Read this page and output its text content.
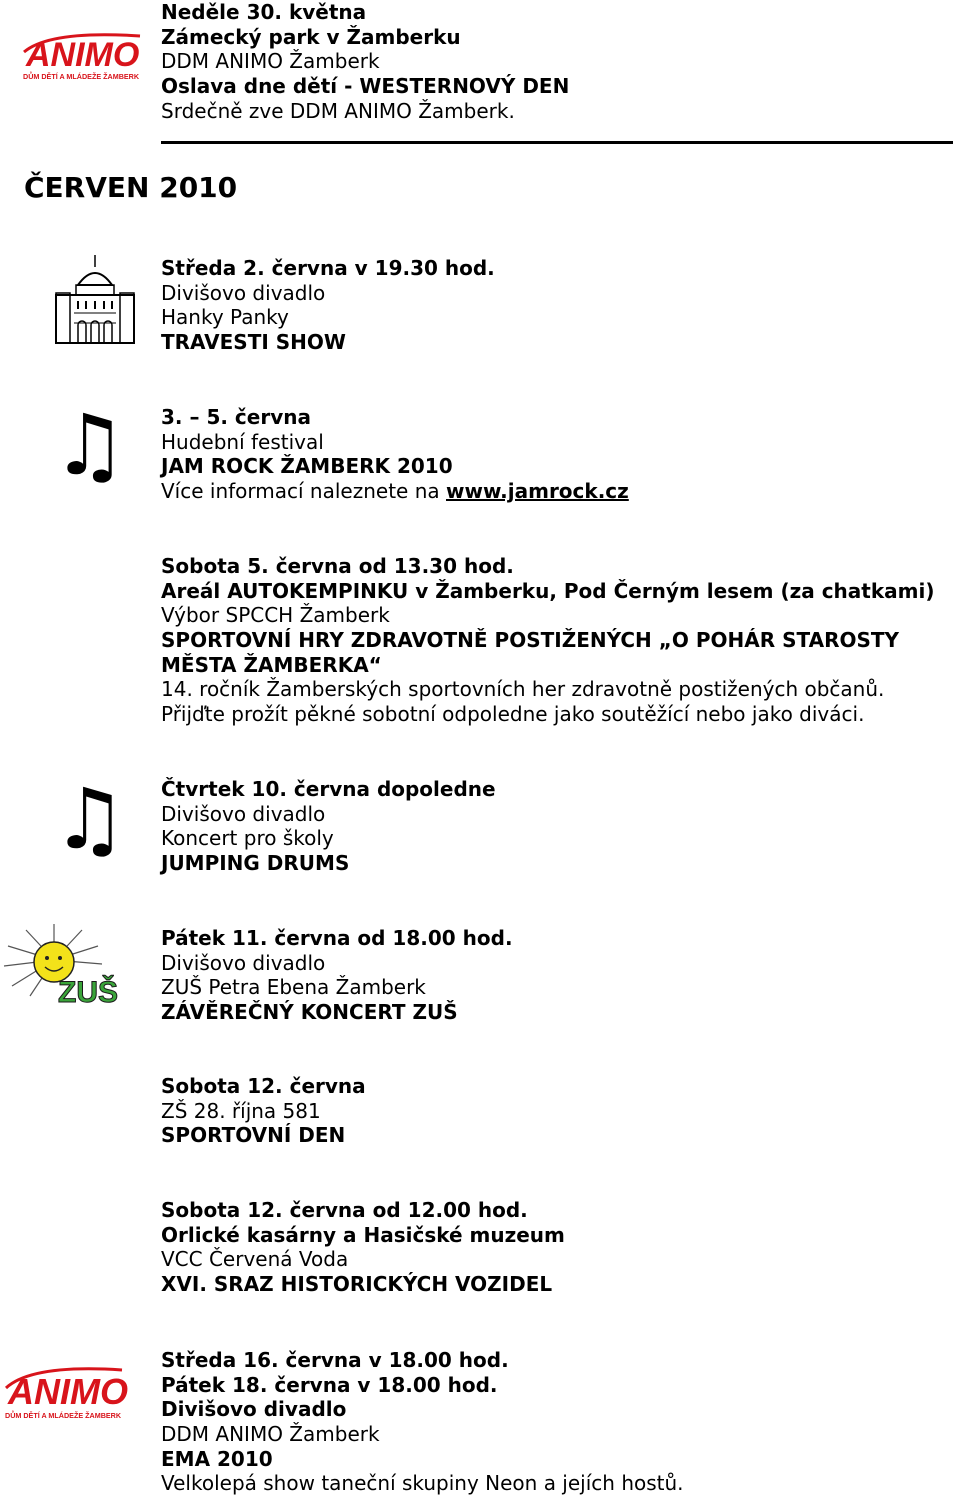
ANIMO
DŮM DĚTÍ A MLÁDEŽE ŽAMBERK
Neděle 30. května
Zámecký park v Žamberku
DDM ANIMO Žamberk
Oslava dne dětí - WESTERNOVÝ DEN
Srdečně zve DDM ANIMO Žamberk.
ČERVEN 2010
Středa 2. června v 19.30 hod.
Divišovo divadlo
Hanky Panky
TRAVESTI SHOW
♫ 3. – 5. června
Hudební festival
JAM ROCK ŽAMBERK 2010
Více informací naleznete na www.jamrock.cz
Sobota 5. června od 13.30 hod.
Areál AUTOKEMPINKU v Žamberku, Pod Černým lesem (za chatkami)
Výbor SPCCH Žamberk
SPORTOVNÍ HRY ZDRAVOTNĚ POSTIŽENÝCH „O POHÁR STAROSTY
MĚSTA ŽAMBERKA“
14. ročník Žamberských sportovních her zdravotně postižených občanů.
Přijďte prožít pěkné sobotní odpoledne jako soutěžící nebo jako diváci.
♫ Čtvrtek 10. června dopoledne
Divišovo divadlo
Koncert pro školy
JUMPING DRUMS
ZUŠ
Pátek 11. června od 18.00 hod.
Divišovo divadlo
ZUŠ Petra Ebena Žamberk
ZÁVĚREČNÝ KONCERT ZUŠ
Sobota 12. června
ZŠ 28. října 581
SPORTOVNÍ DEN
Sobota 12. června od 12.00 hod.
Orlické kasárny a Hasičské muzeum
VCC Červená Voda
XVI. SRAZ HISTORICKÝCH VOZIDEL
ANIMO
DŮM DĚTÍ A MLÁDEŽE ŽAMBERK
Středa 16. června v 18.00 hod.
Pátek 18. června v 18.00 hod.
Divišovo divadlo
DDM ANIMO Žamberk
EMA 2010
Velkolepá show taneční skupiny Neon a jejích hostů.
